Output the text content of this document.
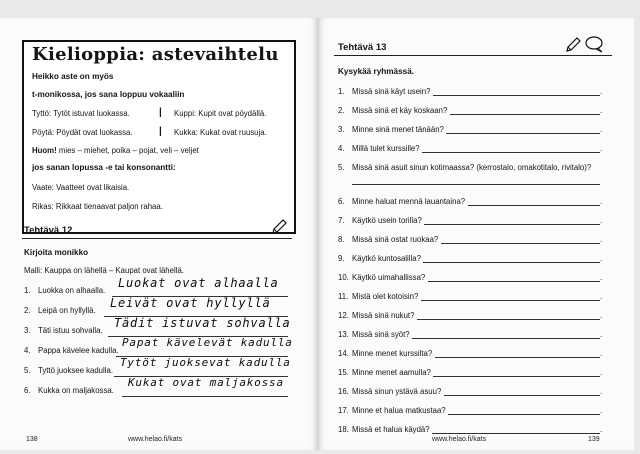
Kielioppia: astevaihtelu
Heikko aste on myös
t-monikossa, jos sana loppuu vokaaliin
Tyttö: Tytöt istuvat luokassa.	| Kuppi: Kupit ovat pöydällä.
Pöytä: Pöydät ovat luokassa.	| Kukka: Kukat ovat ruusuja.
Huom! mies – miehet, poika – pojat, veli – veljet
jos sanan lopussa -e tai konsonantti:
Vaate: Vaatteet ovat likaisia.
Rikas: Rikkaat tienaavat paljon rahaa.
Tehtävä 12
Kirjoita monikko
Malli: Kauppa on lähellä – Kaupat ovat lähellä.
1. Luokka on alhaalla.
Luokat ovat alhaalla
2. Leipä on hyllyllä.
Leivät ovat hyllyllä
3. Täti istuu sohvalla.
Tädit istuvat sohvalla
4. Pappa kävelee kadulla.
Papat kävelevät kadulla
5. Tyttö juoksee kadulla.
Tytöt juoksevat kadulla
6. Kukka on maljakossa.
Kukat ovat maljakossa
138	www.helao.fi/kats
Tehtävä 13
Kysykää ryhmässä.
1. Missä sinä käyt usein?	.
2. Missä sinä et käy koskaan?	.
3. Minne sinä menet tänään?	.
4. Millä tulet kurssille?	.
5. Missä sinä asuit sinun kotimaassa? (kerrostalo, omakotitalo, rivitalo)?
6. Minne haluat mennä lauantaina?	.
7. Käytkö usein torilla?	.
8. Missä sinä ostat ruokaa?	.
9. Käytkö kuntosalilla?	.
10. Käytkö uimahallissa?	.
11. Mistä olet kotoisin?	.
12. Missä sinä nukut?	.
13. Missä sinä syöt?	.
14. Minne menet kurssilta?	.
15. Minne menet aamulla?	.
16. Missä sinun ystävä asuu?	.
17. Minne et halua matkustaa?	.
18. Missä et halua käydä?	.
www.helao.fi/kats	139
